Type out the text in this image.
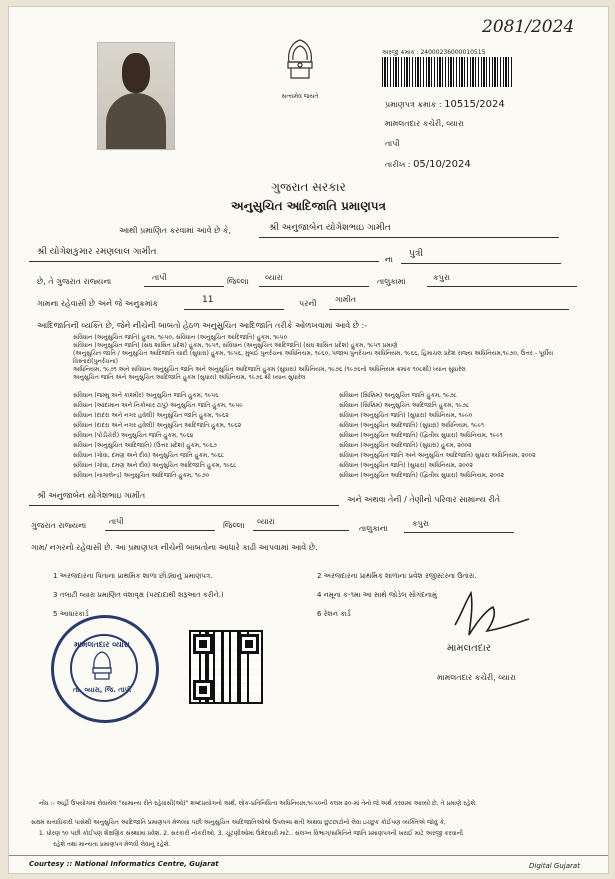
2081/2024
સત્યમેવ જયતે
અરજી ક્રમાંક : 24000236000010515
પ્રમાણપત્ર ક્રમાંક : 10515/2024
મામલતદાર કચેરી, વ્યારા
તાપી
તારીખ : 05/10/2024
ગુજરાત સરકાર
અનુસુચિત આદિજાતિ પ્રમાણપત્ર
આથી પ્રમાણિત કરવામાં આવે છે કે,	શ્રી અનુજાબેન યોગેશભાઇ ગામીત
શ્રી યોગેશકુમાર રમણલાલ ગામીત
ના
પુત્રી
છે, તે ગુજરાત રાજ્યના	તાપી	જિલ્લા	વ્યારા	તાલુકામાં	કપુરા
ગામના રહેવાસી છે અને જે અનુક્રમાંક	11	પરની	ગામીત
આદિજાતિની વ્યક્તિ છે, જેને નીચેની બાબતો હેઠળ અનુસુચિત આદિજાતિ તરીકે ઓળખવામાં આવે છે :-
સંવિધાન (અનુસુચિત જાતિ) હુકમ, ૧૯૫૦, સંવિધાન (અનુસુચિત આદિજાતિ) હુકમ, ૧૯૫૦
સંવિધાન (અનુસુચિત જાતિ) (સંઘ શાસિત પ્રદેશ) હુકમ, ૧૯૫૧, સંવિધાન (અનુસુચિત આદિજાતિ) (સંઘ શાસિત પ્રદેશ) હુકમ, ૧૯૫૧ પ્રમાણે
(અનુસુચિત જાતિ / અનુસુચિત આદિજાતિ યાદી (સુધારા) હુકમ, ૧૯૫૬, મુંબઈ પુનર્રચના અધિનિયમ, ૧૯૬૦, પંજાબ પુનર્રચના અધિનિયમ, ૧૯૬૬, હિમાચલ પ્રદેશ રાજ્ય અધિનિયમ,૧૯૭૦, ઉત્તર - પૂર્વીય વિસ્તારો(પુનર્રચના)
અધિનિયમ, ૧૯૭૧ અને સંવિધાન અનુસુચિત જાતિ અને અનુસુચિત આદિજાતિ હુકમ (સુધારા) અધિનિયમ, ૧૯૭૬ (૧૯૭૬નો અધિનિયમ ક્રમાંક ૧૦૮થી) ધ્યાન સુધારેલ
અનુસુચિત જાતિ અને અનુસુચિત આદિજાતિ હુકમ (સુધારા) અધિનિયમ, ૧૯૭૬ થી ધ્યાન સુધારેલ
સંવિધાન (જમ્મુ અને કાશ્મીર) અનુસુચિત જાતિ હુકમ, ૧૯૫૬
સંવિધાન (આંદામાન અને નિકોબાર ટાપુ) અનુસુચિત જાતિ હુકમ, ૧૯૫૯
સંવિધાન (દાદરા અને નગર હવેલી) અનુસુચિત જાતિ હુકમ, ૧૯૬૨
સંવિધાન (દાદરા અને નગર હવેલી) અનુસુચિત આદિજાતિ હુકમ, ૧૯૬૨
સંવિધાન (પોંડીચેરી) અનુસુચિત જાતિ હુકમ, ૧૯૬૪
સંવિધાન (અનુસુચિત આદિજાતિ) (ઉત્તર પ્રદેશ) હુકમ, ૧૯૬૭
સંવિધાન (ગોવા, દમણ અને દીવ) અનુસુચિત જાતિ હુકમ, ૧૯૬૮
સંવિધાન (ગોવા, દમણ અને દીવ) અનુસુચિત આદિજાતિ હુકમ, ૧૯૬૮
સંવિધાન (નાગાલેન્ડ) અનુસુચિત આદિજાતિ હુકમ, ૧૯૭૦
સંવિધાન (સિક્કિમ) અનુસુચિત જાતિ હુકમ, ૧૯૭૮
સંવિધાન (સિક્કિમ) અનુસુચિત આદિજાતિ હુકમ, ૧૯૭૮
સંવિધાન (અનુસુચિત જાતિ) (સુધારા) અધિનિયમ, ૧૯૯૦
સંવિધાન (અનુસુચિત આદિજાતિ) (સુધારા) અધિનિયમ, ૧૯૯૧
સંવિધાન (અનુસુચિત આદિજાતિ) (દ્વિતીય સુધારા) અધિનિયમ, ૧૯૯૧
સંવિધાન (અનુસુચિત આદિજાતિ) (સુધારા) હુકમ, ૨૦૦૨
સંવિધાન (અનુસુચિત જાતિ અને અનુસુચિત આદિજાતિ) સુધારા અધિનિયમ, ૨૦૦૨
સંવિધાન (અનુસુચિત જાતિ) (સુધારા) અધિનિયમ, ૨૦૦૨
સંવિધાન (અનુસુચિત આદિજાતિ) (દ્વિતીય સુધારા) અધિનિયમ, ૨૦૦૨
શ્રી અનુજાબેન યોગેશભાઇ ગામીત	અને અથવા તેની / તેણીનો પરિવાર સામાન્ય રીતે
ગુજરાત રાજ્યના	તાપી	જિલ્લા	વ્યારા
તાલુકાના
કપુરા
ગામ/ નગરનો રહેવાસી છે. આ પ્રમાણપત્ર નીચેની બાબતોના આધારે કાઢી આપવામાં આવે છે.
1 અરજદારના પિતાના પ્રાથમિક શાળા છોડ્યાનું પ્રમાણપત્ર.
3 તલાટી વ્યારા પ્રમાણિત વંશાવૃક્ષ (પરદાદાથી શરૂઆત કરીને.)
5 આધારકાર્ડ
2 અરજદારના પ્રાથમિક શાળાના પ્રવેશ રજીસ્ટરના ઉતારા.
4 નમૂના ક-૧મા આ સાથે જોડેલ સોગંદનામું
6 રેશન કાર્ડ
મામલતદાર વ્યારા
તા. વ્યારા, જિ. તાપી
મામલતદાર
મામલતદાર કચેરી, વ્યારા
નોંધ :- અહીં ઉપયોગમાં લેવાયેલ "સામાન્ય રીતે રહેવાસી(ઓ)" શબ્દપ્રયોગનો અર્થ, લોક-પ્રતિનિધિત્વ અધિનિયમ,૧૯૫૦ની કલમ ૨૦-માં તેનો જે અર્થ કરવામાં આવ્યો છે, તે પ્રમાણે રહેશે.
સક્ષમ સત્તાધિકારી પાસેથી અનુસુચિત આદિજાતિ પ્રમાણપત્ર મેળવ્યા પછી અનુસુચિત આદિજાતિઓએ ઉપલબ્ધ થતી અથવા છુટછાટોનો લેવા ઇચ્છુક કોઈપણ વ્યક્તિએ જોવું કે,
1. ધોરણ ૧૦ પછી કોઈપણ શૈક્ષણિક સંસ્થામાં પ્રવેશ. 2. સરકારી નોકરીઓ. 3. ચૂંટણીઓમાં ઉમેદવારી માટે.. સંલગ્ન વિભાગ/સમિતિને જાતિ પ્રમાણપત્રની ખરાઈ માટે અરજી કરવાની
રહેશે તથા માન્યતા પ્રમાણપત્ર મેળવી લેવાનું રહેશે.
Courtesy :: National Informatics Centre, Gujarat	Digital Gujarat
